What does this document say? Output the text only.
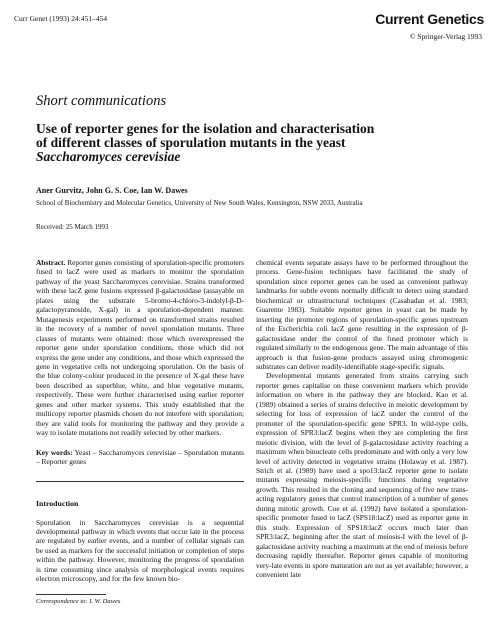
Curr Genet (1993) 24:451–454	Current Genetics
© Springer-Verlag 1993
Short communications
Use of reporter genes for the isolation and characterisation
of different classes of sporulation mutants in the yeast
Saccharomyces cerevisiae
Aner Gurvitz, John G. S. Coe, Ian W. Dawes
School of Biochemistry and Molecular Genetics, University of New South Wales, Kensington, NSW 2033, Australia
Received: 25 March 1993

Abstract. Reporter genes consisting of sporulation-specific promoters fused to lacZ were used as markers to monitor the sporulation pathway of the yeast Saccharomyces cerevisiae. Strains transformed with these lacZ gene fusions expressed β-galactosidase (assayable on plates using the substrate 5-bromo-4-chloro-3-indolyl-β-D-galactopyranoside, X-gal) in a sporulation-dependent manner. Mutagenesis experiments performed on transformed strains resulted in the recovery of a number of novel sporulation mutants. Three classes of mutants were obtained: those which overexpressed the reporter gene under sporulation conditions, those which did not express the gene under any conditions, and those which expressed the gene in vegetative cells not undergoing sporulation. On the basis of the blue colony-colour produced in the presence of X-gal these have been described as superblue, white, and blue vegetative mutants, respectively. These were further characterised using earlier reporter genes and other marker systems. This study established that the multicopy reporter plasmids chosen do not interfere with sporulation; they are valid tools for monitoring the pathway and they provide a way to isolate mutations not readily selected by other markers.

Key words: Yeast – Saccharomyces cerevisiae – Sporulation mutants – Reporter genes

Introduction

Sporulation in Saccharomyces cerevisiae is a sequential developmental pathway in which events that occur late in the process are regulated by earlier events, and a number of cellular signals can be used as markers for the successful initiation or completion of steps within the pathway. However, monitoring the progress of sporulation is time consuming since analysis of morphological events requires electron microscopy, and for the few known bio-

Correspondence to: I. W. Dawes

chemical events separate assays have to be performed throughout the process. Gene-fusion techniques have facilitated the study of sporulation since reporter genes can be used as convenient pathway landmarks for subtle events normally difficult to detect using standard biochemical or ultrastructural techniques (Casabadan et al. 1983; Guarente 1983). Suitable reporter genes in yeast can be made by inserting the promoter regions of sporulation-specific genes upstream of the Escherichia coli lacZ gene resulting in the expression of β-galactosidase under the control of the fused promoter which is regulated similarly to the endogenous gene. The main advantage of this approach is that fusion-gene products assayed using chromogenic substrates can deliver readily-identifiable stage-specific signals.

Developmental mutants generated from strains carrying such reporter genes capitalise on these convenient markers which provide information on where in the pathway they are blocked. Kao et al. (1989) obtained a series of strains defective in meiotic development by selecting for loss of expression of lacZ under the control of the promoter of the sporulation-specific gene SPR3. In wild-type cells, expression of SPR3:lacZ begins when they are completing the first meiotic division, with the level of β-galactosidase activity reaching a maximum when binucleate cells predominate and with only a very low level of activity detected in vegetative strains (Holaway et al. 1987). Strich et al. (1989) have used a spo13:lacZ reporter gene to isolate mutants expressing meiosis-specific functions during vegetative growth. This resulted in the cloning and sequencing of five new trans-acting regulatory genes that control transcription of a number of genes during mitotic growth. Coe et al. (1992) have isolated a sporulation-specific promoter fused to lacZ (SPS18:lacZ) used as reporter gene in this study. Expression of SPS18:lacZ occurs much later than SPR3:lacZ, beginning after the start of meiosis-I with the level of β-galactosidase activity reaching a maximum at the end of meiosis before decreasing rapidly thereafter. Reporter genes capable of monitoring very-late events in spore maturation are not as yet available; however, a convenient late
